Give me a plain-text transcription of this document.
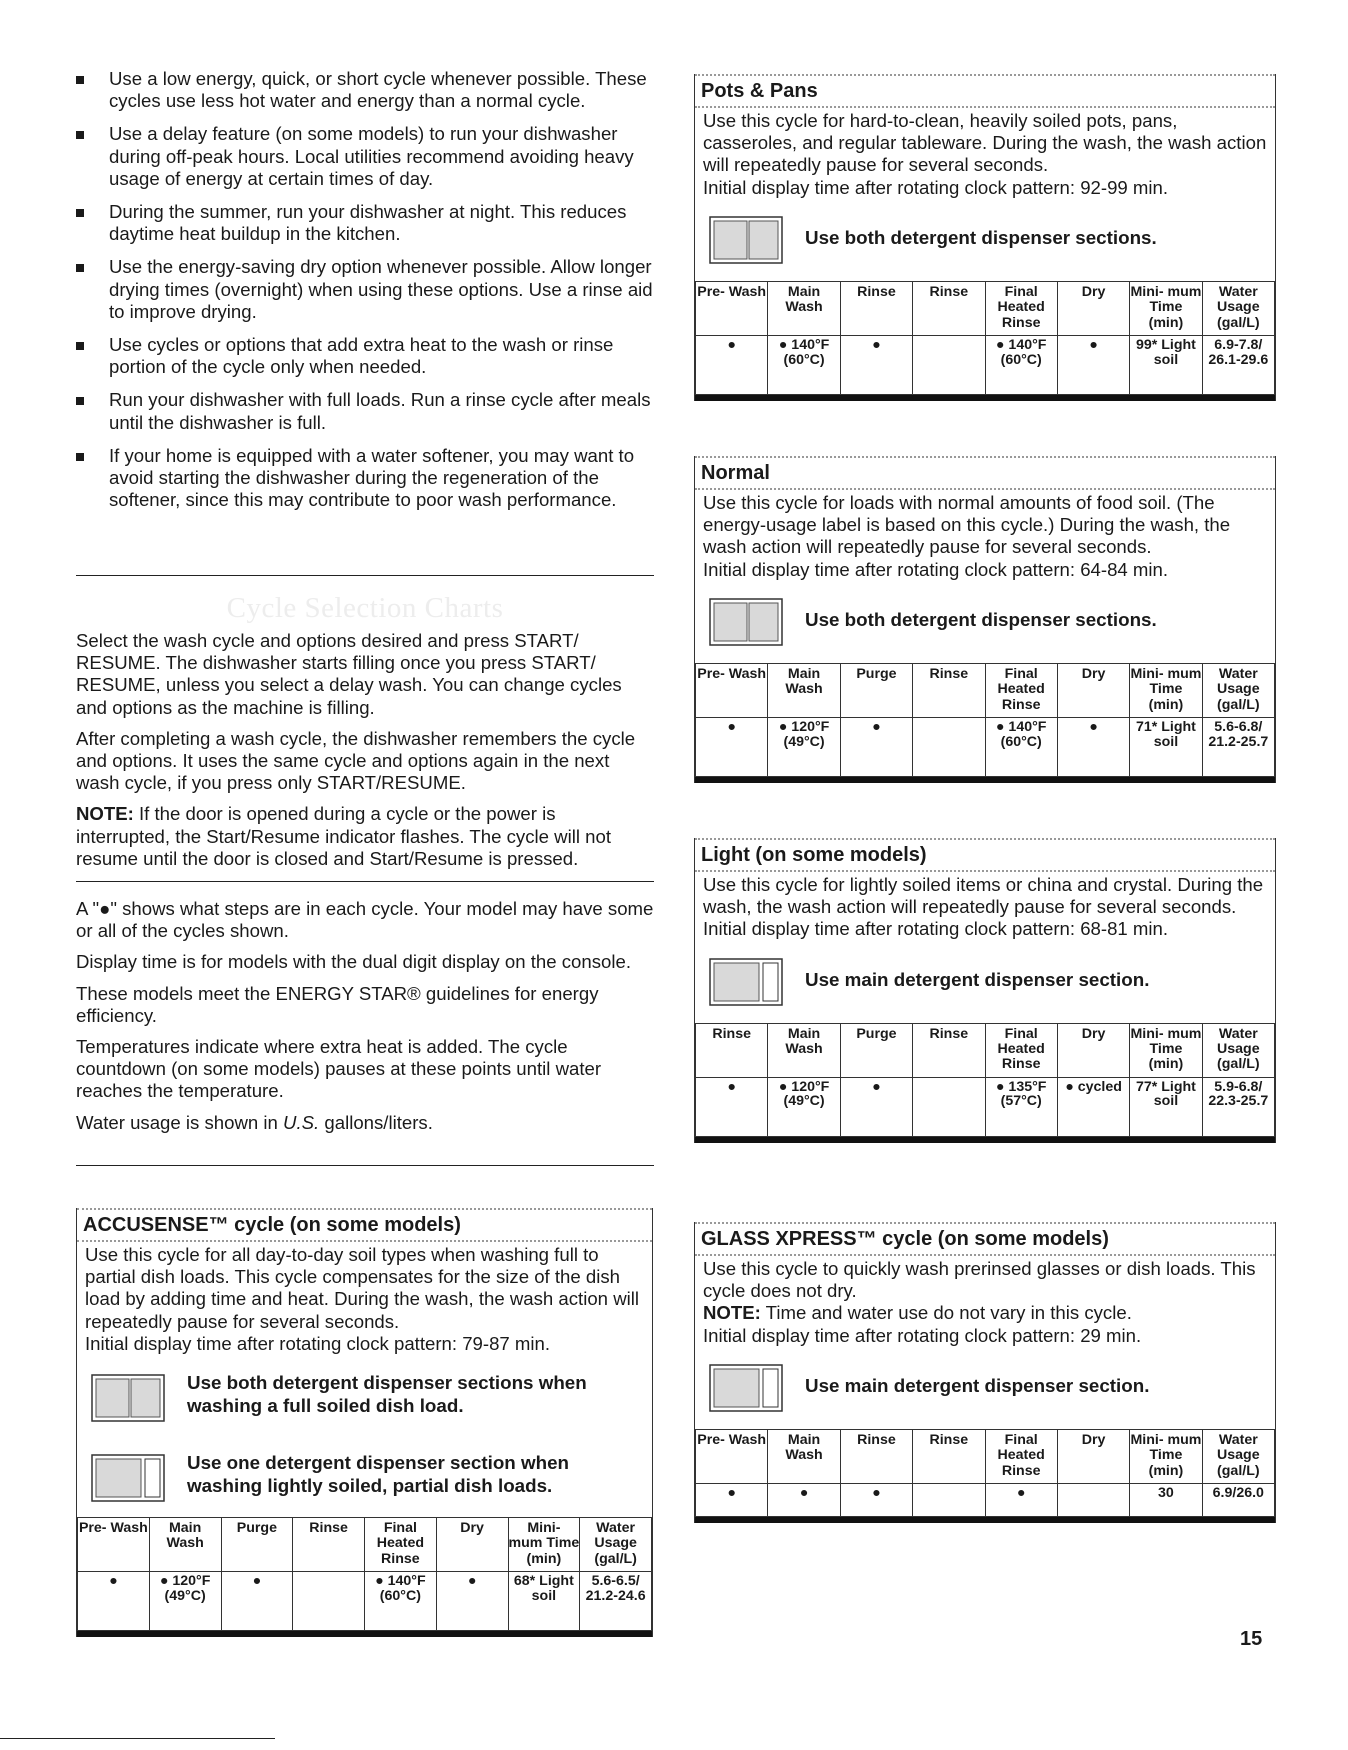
Use a low energy, quick, or short cycle whenever possible. These cycles use less hot water and energy than a normal cycle.
Use a delay feature (on some models) to run your dishwasher during off-peak hours. Local utilities recommend avoiding heavy usage of energy at certain times of day.
During the summer, run your dishwasher at night. This reduces daytime heat buildup in the kitchen.
Use the energy-saving dry option whenever possible. Allow longer drying times (overnight) when using these options. Use a rinse aid to improve drying.
Use cycles or options that add extra heat to the wash or rinse portion of the cycle only when needed.
Run your dishwasher with full loads. Run a rinse cycle after meals until the dishwasher is full.
If your home is equipped with a water softener, you may want to avoid starting the dishwasher during the regeneration of the softener, since this may contribute to poor wash performance.
Cycle Selection Charts

Select the wash cycle and options desired and press START/ RESUME. The dishwasher starts filling once you press START/ RESUME, unless you select a delay wash. You can change cycles and options as the machine is filling.

After completing a wash cycle, the dishwasher remembers the cycle and options. It uses the same cycle and options again in the next wash cycle, if you press only START/RESUME.

NOTE: If the door is opened during a cycle or the power is interrupted, the Start/Resume indicator flashes. The cycle will not resume until the door is closed and Start/Resume is pressed.

A "●" shows what steps are in each cycle. Your model may have some or all of the cycles shown.

Display time is for models with the dual digit display on the console.

These models meet the ENERGY STAR® guidelines for energy efficiency.

Temperatures indicate where extra heat is added. The cycle countdown (on some models) pauses at these points until water reaches the temperature.

Water usage is shown in U.S. gallons/liters.

ACCUSENSE™ cycle (on some models)

Use this cycle for all day-to-day soil types when washing full to partial dish loads. This cycle compensates for the size of the dish load by adding time and heat. During the wash, the wash action will repeatedly pause for several seconds.

Initial display time after rotating clock pattern: 79-87 min.

Use both detergent dispenser sections when washing a full soiled dish load.
Use one detergent dispenser section when washing lightly soiled, partial dish loads.
Pre- Wash	Main Wash	Purge	Rinse	Final Heated Rinse	Dry	Mini- mum Time (min)	Water Usage (gal/L)
●	● 120°F (49°C)	●		● 140°F (60°C)	●	68* Light soil	5.6-6.5/ 21.2-24.6
Pots & Pans

Use this cycle for hard-to-clean, heavily soiled pots, pans, casseroles, and regular tableware. During the wash, the wash action will repeatedly pause for several seconds.

Initial display time after rotating clock pattern: 92-99 min.

Use both detergent dispenser sections.
Pre- Wash	Main Wash	Rinse	Rinse	Final Heated Rinse	Dry	Mini- mum Time (min)	Water Usage (gal/L)
●	● 140°F (60°C)	●		● 140°F (60°C)	●	99* Light soil	6.9-7.8/ 26.1-29.6
Normal

Use this cycle for loads with normal amounts of food soil. (The energy-usage label is based on this cycle.) During the wash, the wash action will repeatedly pause for several seconds.

Initial display time after rotating clock pattern: 64-84 min.

Use both detergent dispenser sections.
Pre- Wash	Main Wash	Purge	Rinse	Final Heated Rinse	Dry	Mini- mum Time (min)	Water Usage (gal/L)
●	● 120°F (49°C)	●		● 140°F (60°C)	●	71* Light soil	5.6-6.8/ 21.2-25.7
Light (on some models)

Use this cycle for lightly soiled items or china and crystal. During the wash, the wash action will repeatedly pause for several seconds.

Initial display time after rotating clock pattern: 68-81 min.

Use main detergent dispenser section.
Rinse	Main Wash	Purge	Rinse	Final Heated Rinse	Dry	Mini- mum Time (min)	Water Usage (gal/L)
●	● 120°F (49°C)	●		● 135°F (57°C)	● cycled	77* Light soil	5.9-6.8/ 22.3-25.7
GLASS XPRESS™ cycle (on some models)

Use this cycle to quickly wash prerinsed glasses or dish loads. This cycle does not dry.

NOTE: Time and water use do not vary in this cycle.

Initial display time after rotating clock pattern: 29 min.

Use main detergent dispenser section.
Pre- Wash	Main Wash	Rinse	Rinse	Final Heated Rinse	Dry	Mini- mum Time (min)	Water Usage (gal/L)
●	●	●		●		30	6.9/26.0
15
